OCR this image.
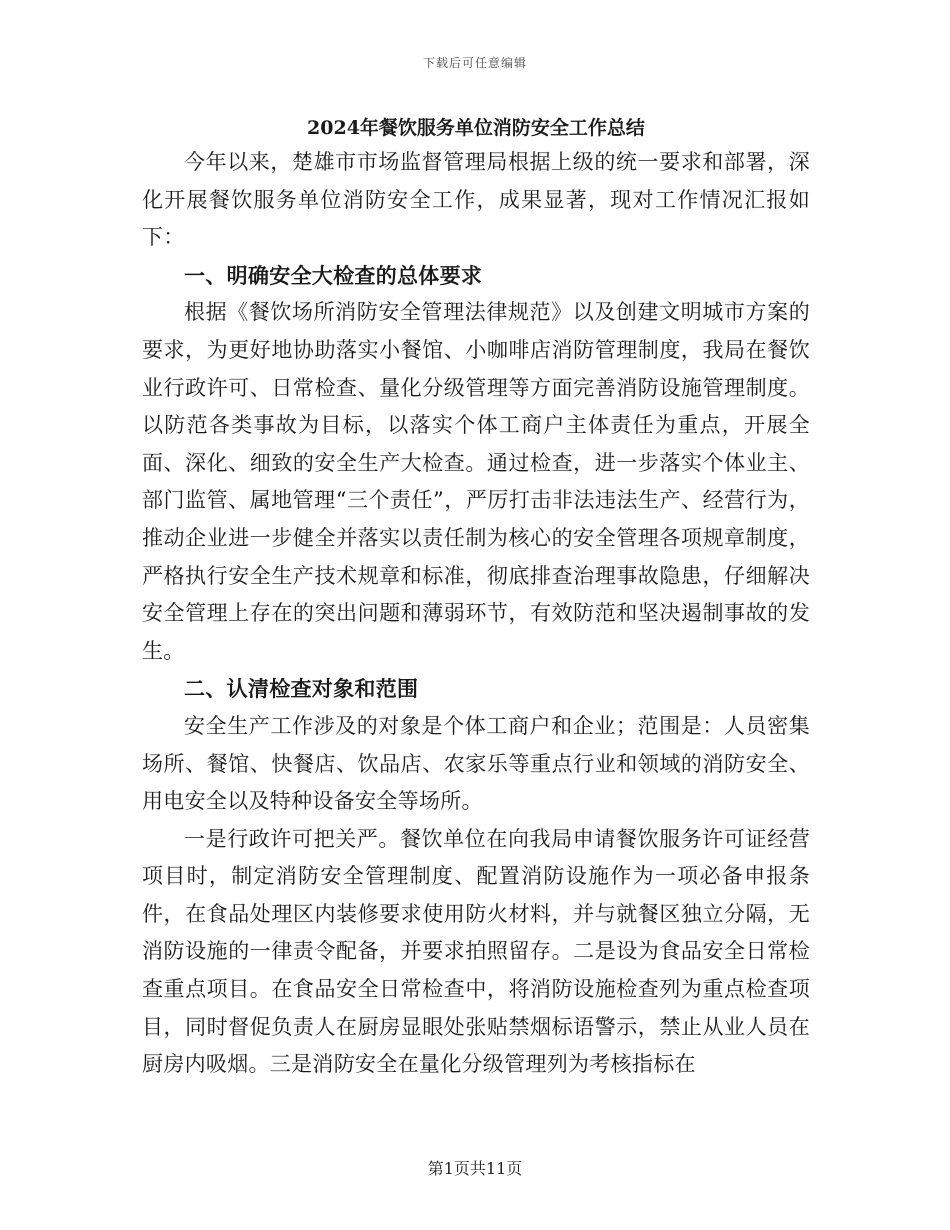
下载后可任意编辑
2024年餐饮服务单位消防安全工作总结

今年以来，楚雄市市场监督管理局根据上级的统一要求和部署，深化开展餐饮服务单位消防安全工作，成果显著，现对工作情况汇报如下：

一、明确安全大检查的总体要求

根据《餐饮场所消防安全管理法律规范》以及创建文明城市方案的要求，为更好地协助落实小餐馆、小咖啡店消防管理制度，我局在餐饮业行政许可、日常检查、量化分级管理等方面完善消防设施管理制度。以防范各类事故为目标，以落实个体工商户主体责任为重点，开展全面、深化、细致的安全生产大检查。通过检查，进一步落实个体业主、部门监管、属地管理“三个责任”，严厉打击非法违法生产、经营行为，推动企业进一步健全并落实以责任制为核心的安全管理各项规章制度，严格执行安全生产技术规章和标准，彻底排查治理事故隐患，仔细解决安全管理上存在的突出问题和薄弱环节，有效防范和坚决遏制事故的发生。

二、认清检查对象和范围

安全生产工作涉及的对象是个体工商户和企业；范围是：人员密集场所、餐馆、快餐店、饮品店、农家乐等重点行业和领域的消防安全、用电安全以及特种设备安全等场所。

一是行政许可把关严。餐饮单位在向我局申请餐饮服务许可证经营项目时，制定消防安全管理制度、配置消防设施作为一项必备申报条件，在食品处理区内装修要求使用防火材料，并与就餐区独立分隔，无消防设施的一律责令配备，并要求拍照留存。二是设为食品安全日常检查重点项目。在食品安全日常检查中，将消防设施检查列为重点检查项目，同时督促负责人在厨房显眼处张贴禁烟标语警示，禁止从业人员在厨房内吸烟。三是消防安全在量化分级管理列为考核指标在

第1页共11页
